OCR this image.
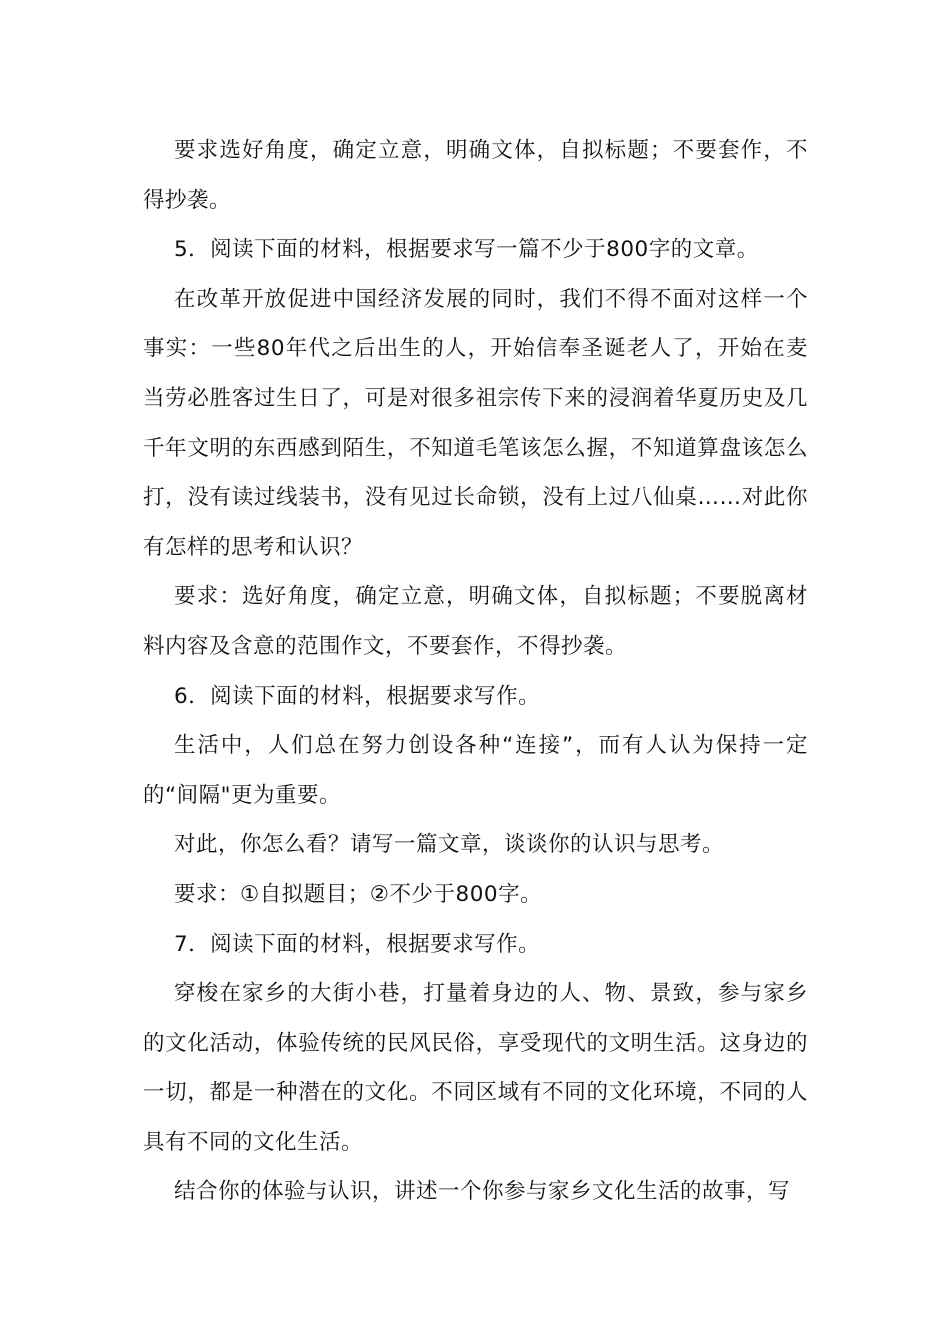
要求选好角度，确定立意，明确文体，自拟标题；不要套作，不得抄袭。

5．阅读下面的材料，根据要求写一篇不少于800字的文章。

在改革开放促进中国经济发展的同时，我们不得不面对这样一个事实：一些80年代之后出生的人，开始信奉圣诞老人了，开始在麦当劳必胜客过生日了，可是对很多祖宗传下来的浸润着华夏历史及几千年文明的东西感到陌生，不知道毛笔该怎么握，不知道算盘该怎么打，没有读过线装书，没有见过长命锁，没有上过八仙桌……对此你有怎样的思考和认识？

要求：选好角度，确定立意，明确文体，自拟标题；不要脱离材料内容及含意的范围作文，不要套作，不得抄袭。

6．阅读下面的材料，根据要求写作。

生活中，人们总在努力创设各种“连接”，而有人认为保持一定的“间隔"更为重要。

对此，你怎么看？请写一篇文章，谈谈你的认识与思考。

要求：①自拟题目；②不少于800字。

7．阅读下面的材料，根据要求写作。

穿梭在家乡的大街小巷，打量着身边的人、物、景致，参与家乡的文化活动，体验传统的民风民俗，享受现代的文明生活。这身边的一切，都是一种潜在的文化。不同区域有不同的文化环境，不同的人具有不同的文化生活。

结合你的体验与认识，讲述一个你参与家乡文化生活的故事，写
